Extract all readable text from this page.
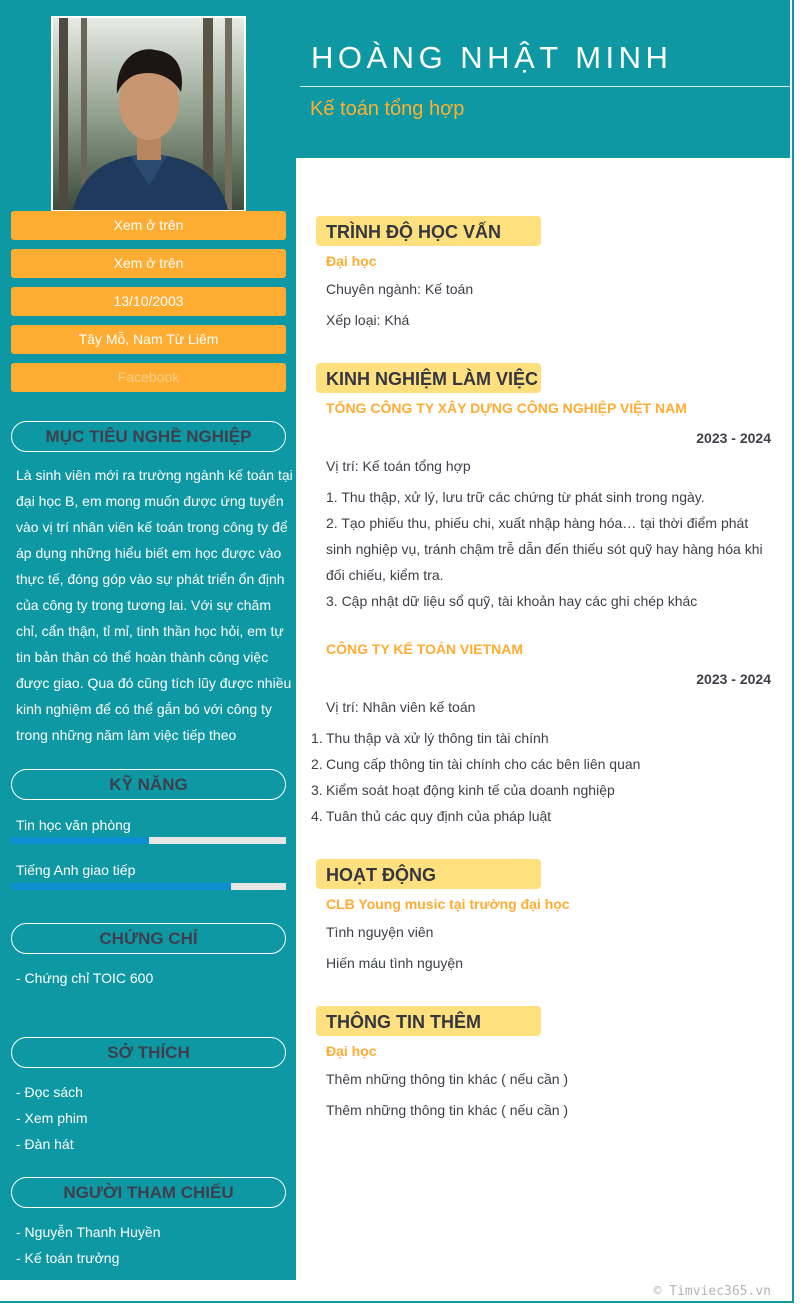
HOÀNG NHẬT MINH
Kế toán tổng hợp
Xem ở trên
Xem ở trên
13/10/2003
Tây Mỗ, Nam Từ Liêm
Facebook
MỤC TIÊU NGHỀ NGHIỆP
Là sinh viên mới ra trường ngành kế toán tại đại học B, em mong muốn được ứng tuyển vào vị trí nhân viên kế toán trong công ty để áp dụng những hiểu biết em học được vào thực tế, đóng góp vào sự phát triển ổn định của công ty trong tương lai. Với sự chăm chỉ, cẩn thận, tỉ mỉ, tinh thần học hỏi, em tự tin bản thân có thể hoàn thành công việc được giao. Qua đó cũng tích lũy được nhiều kinh nghiệm để có thể gắn bó với công ty trong những năm làm việc tiếp theo
KỸ NĂNG
Tin học văn phòng
Tiếng Anh giao tiếp
CHỨNG CHỈ
- Chứng chỉ TOIC 600
SỞ THÍCH
- Đọc sách
- Xem phim
- Đàn hát
NGƯỜI THAM CHIẾU
- Nguyễn Thanh Huyền
- Kế toán trưởng
TRÌNH ĐỘ HỌC VẤN
Đại học
Chuyên ngành: Kế toán
Xếp loại: Khá
KINH NGHIỆM LÀM VIỆC
TỔNG CÔNG TY XÂY DỰNG CÔNG NGHIỆP VIỆT NAM
2023 - 2024
Vị trí: Kế toán tổng hợp
1. Thu thập, xử lý, lưu trữ các chứng từ phát sinh trong ngày.
2. Tạo phiếu thu, phiếu chi, xuất nhập hàng hóa… tại thời điểm phát sinh nghiệp vụ, tránh chậm trễ dẫn đến thiếu sót quỹ hay hàng hóa khi đối chiếu, kiểm tra.
3. Cập nhật dữ liệu sổ quỹ, tài khoản hay các ghi chép khác
CÔNG TY KẾ TOÁN VIETNAM
2023 - 2024
Vị trí: Nhân viên kế toán
1. Thu thập và xử lý thông tin tài chính
2. Cung cấp thông tin tài chính cho các bên liên quan
3. Kiểm soát hoạt động kinh tế của doanh nghiệp
4. Tuân thủ các quy định của pháp luật
HOẠT ĐỘNG
CLB Young music tại trường đại học
Tình nguyện viên
Hiến máu tình nguyện
THÔNG TIN THÊM
Đại học
Thêm những thông tin khác ( nếu cần )
Thêm những thông tin khác ( nếu cần )
© Timviec365.vn
